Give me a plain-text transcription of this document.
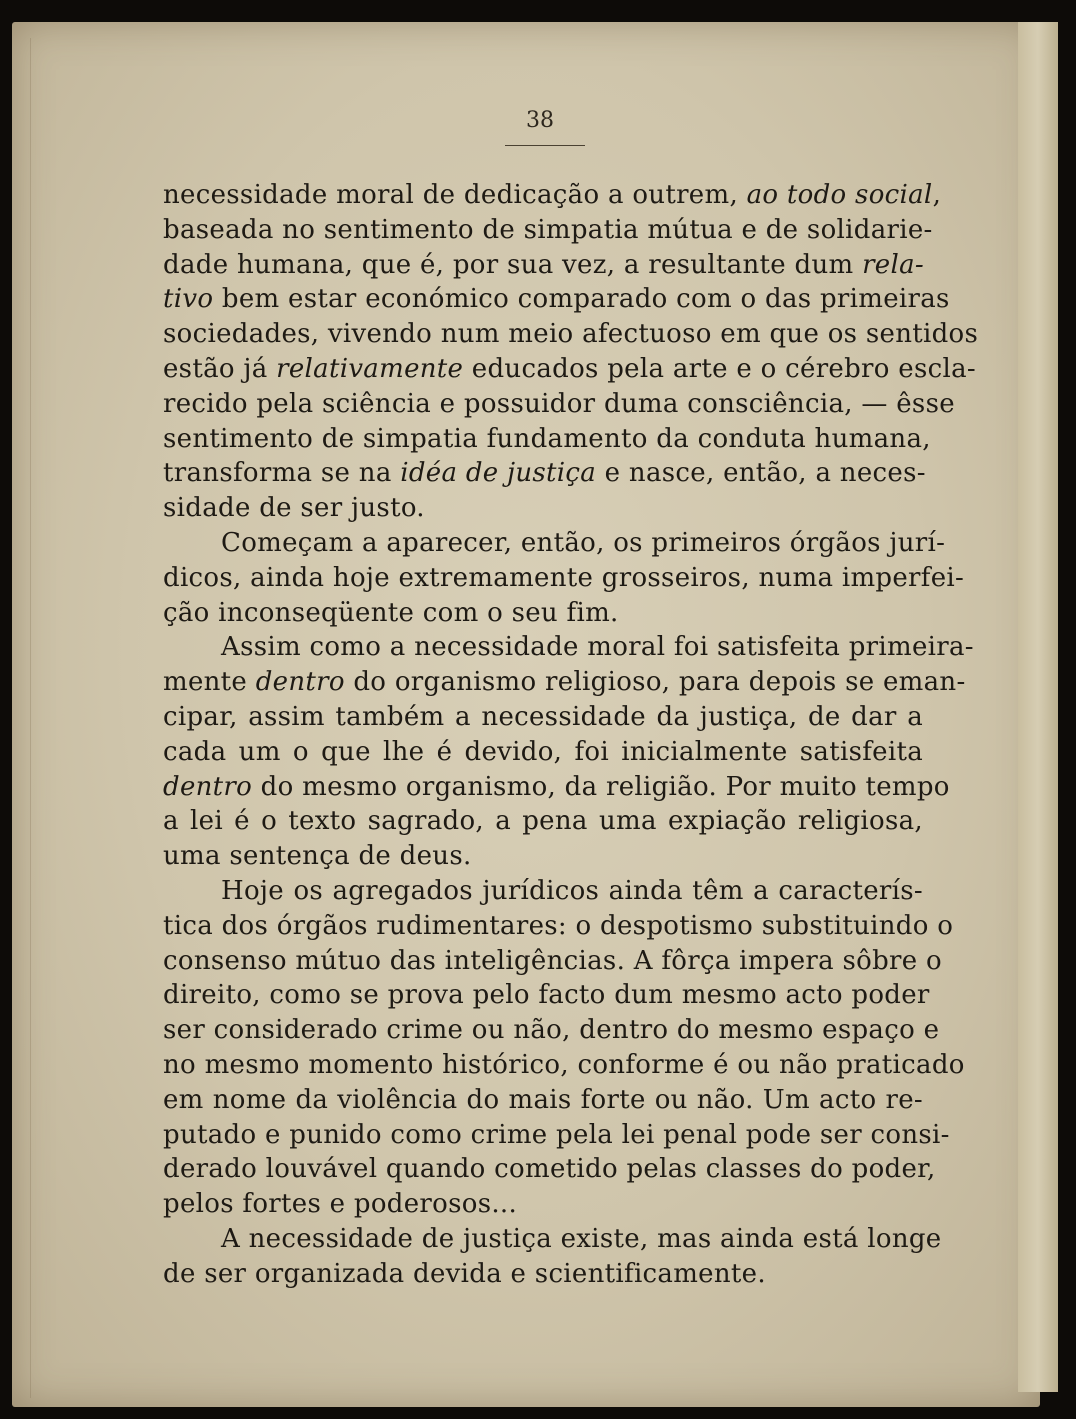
38
necessidade moral de dedicação a outrem, ao todo social
baseada no sentimento de simpatia mútua e de solidarie-
dade humana, que é, por sua vez, a resultante dum rela-
tivo bem estar económico comparado com o das primeiras
sociedades, vivendo num meio afectuoso em que os sentidos
estão já relativamente educados pela arte e o cérebro escla-
recido pela sciência e possuidor duma consciência, — êsse
sentimento de simpatia fundamento da conduta humana,
transforma se na idéa de justiça e nasce, então, a neces-
sidade de ser justo.
Começam a aparecer, então, os primeiros órgãos jurí-
dicos, ainda hoje extremamente grosseiros, numa imperfei-
ção inconseqüente com o seu fim.
Assim como a necessidade moral foi satisfeita primeira-
mente dentro do organismo religioso, para depois se eman-
cipar, assim também a necessidade da justiça, de dar a
cada um o que lhe é devido, foi inicialmente satisfeita
dentro do mesmo organismo, da religião. Por muito tempo
a lei é o texto sagrado, a pena uma expiação religiosa,
uma sentença de deus.
Hoje os agregados jurídicos ainda têm a caracterís-
tica dos órgãos rudimentares: o despotismo substituindo o
consenso mútuo das inteligências. A fôrça impera sôbre o
direito, como se prova pelo facto dum mesmo acto poder
ser considerado crime ou não, dentro do mesmo espaço e
no mesmo momento histórico, conforme é ou não praticado
em nome da violência do mais forte ou não. Um acto re-
putado e punido como crime pela lei penal pode ser consi-
derado louvável quando cometido pelas classes do poder,
pelos fortes e poderosos...
A necessidade de justiça existe, mas ainda está longe
de ser organizada devida e scientificamente.
